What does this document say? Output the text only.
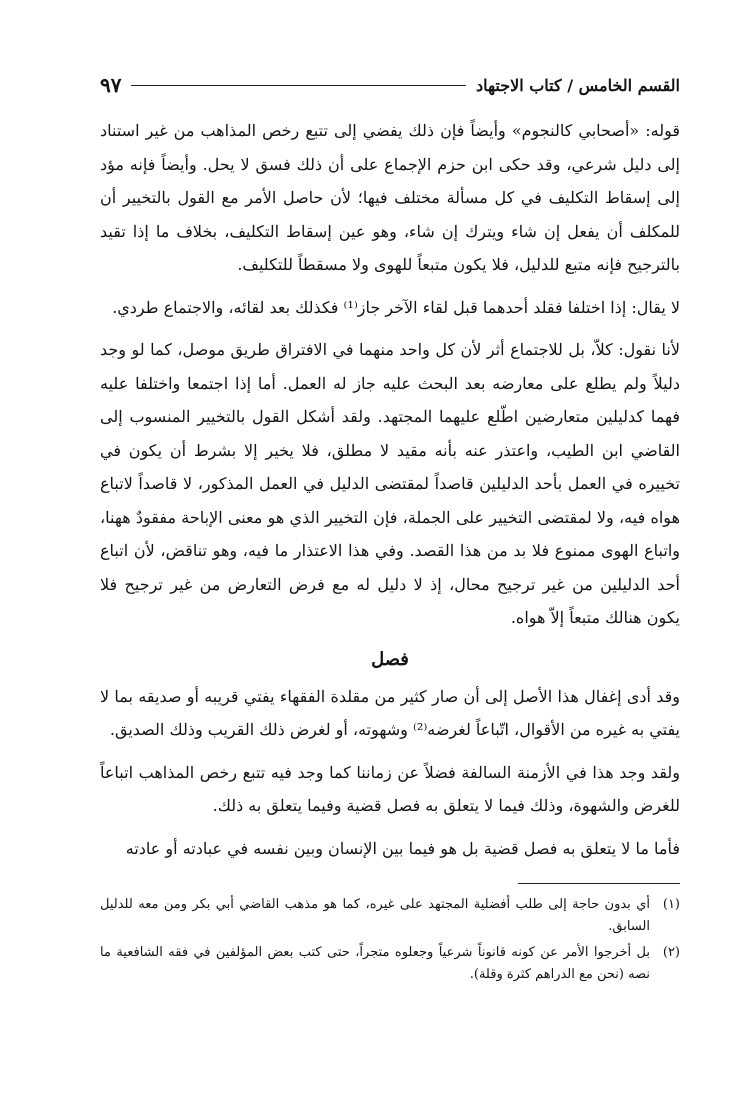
القسم الخامس / كتاب الاجتهاد
٩٧

قوله: «أصحابي كالنجوم» وأيضاً فإن ذلك يفضي إلى تتبع رخص المذاهب من غير استناد إلى دليل شرعي، وقد حكى ابن حزم الإجماع على أن ذلك فسق لا يحل. وأيضاً فإنه مؤد إلى إسقاط التكليف في كل مسألة مختلف فيها؛ لأن حاصل الأمر مع القول بالتخيير أن للمكلف أن يفعل إن شاء ويترك إن شاء، وهو عين إسقاط التكليف، بخلاف ما إذا تقيد بالترجيح فإنه متبع للدليل، فلا يكون متبعاً للهوى ولا مسقطاً للتكليف.

لا يقال: إذا اختلفا فقلد أحدهما قبل لقاء الآخر جاز⁽¹⁾ فكذلك بعد لقائه، والاجتماع طردي.

لأنا نقول: كلاّ، بل للاجتماع أثر لأن كل واحد منهما في الافتراق طريق موصل، كما لو وجد دليلاً ولم يطلع على معارضه بعد البحث عليه جاز له العمل. أما إذا اجتمعا واختلفا عليه فهما كدليلين متعارضين اطّلع عليهما المجتهد. ولقد أشكل القول بالتخيير المنسوب إلى القاضي ابن الطيب، واعتذر عنه بأنه مقيد لا مطلق، فلا يخير إلا بشرط أن يكون في تخييره في العمل بأحد الدليلين قاصداً لمقتضى الدليل في العمل المذكور، لا قاصداً لاتباع هواه فيه، ولا لمقتضى التخيير على الجملة، فإن التخيير الذي هو معنى الإباحة مفقودٌ ههنا، واتباع الهوى ممنوع فلا بد من هذا القصد. وفي هذا الاعتذار ما فيه، وهو تناقض، لأن اتباع أحد الدليلين من غير ترجيح محال، إذ لا دليل له مع فرض التعارض من غير ترجيح فلا يكون هنالك متبعاً إلاّ هواه.

فصل

وقد أدى إغفال هذا الأصل إلى أن صار كثير من مقلدة الفقهاء يفتي قريبه أو صديقه بما لا يفتي به غيره من الأقوال، اتّباعاً لغرضه⁽²⁾ وشهوته، أو لغرض ذلك القريب وذلك الصديق.

ولقد وجد هذا في الأزمنة السالفة فضلاً عن زماننا كما وجد فيه تتبع رخص المذاهب اتباعاً للغرض والشهوة، وذلك فيما لا يتعلق به فصل قضية وفيما يتعلق به ذلك.

فأما ما لا يتعلق به فصل قضية بل هو فيما بين الإنسان وبين نفسه في عبادته أو عادته

(١)
أي بدون حاجة إلى طلب أفضلية المجتهد على غيره، كما هو مذهب القاضي أبي بكر ومن معه للدليل السابق.
(٢)
بل أخرجوا الأمر عن كونه قانوناً شرعياً وجعلوه متجراً، حتى كتب بعض المؤلفين في فقه الشافعية ما نصه (نحن مع الدراهم كثرة وقلة).
